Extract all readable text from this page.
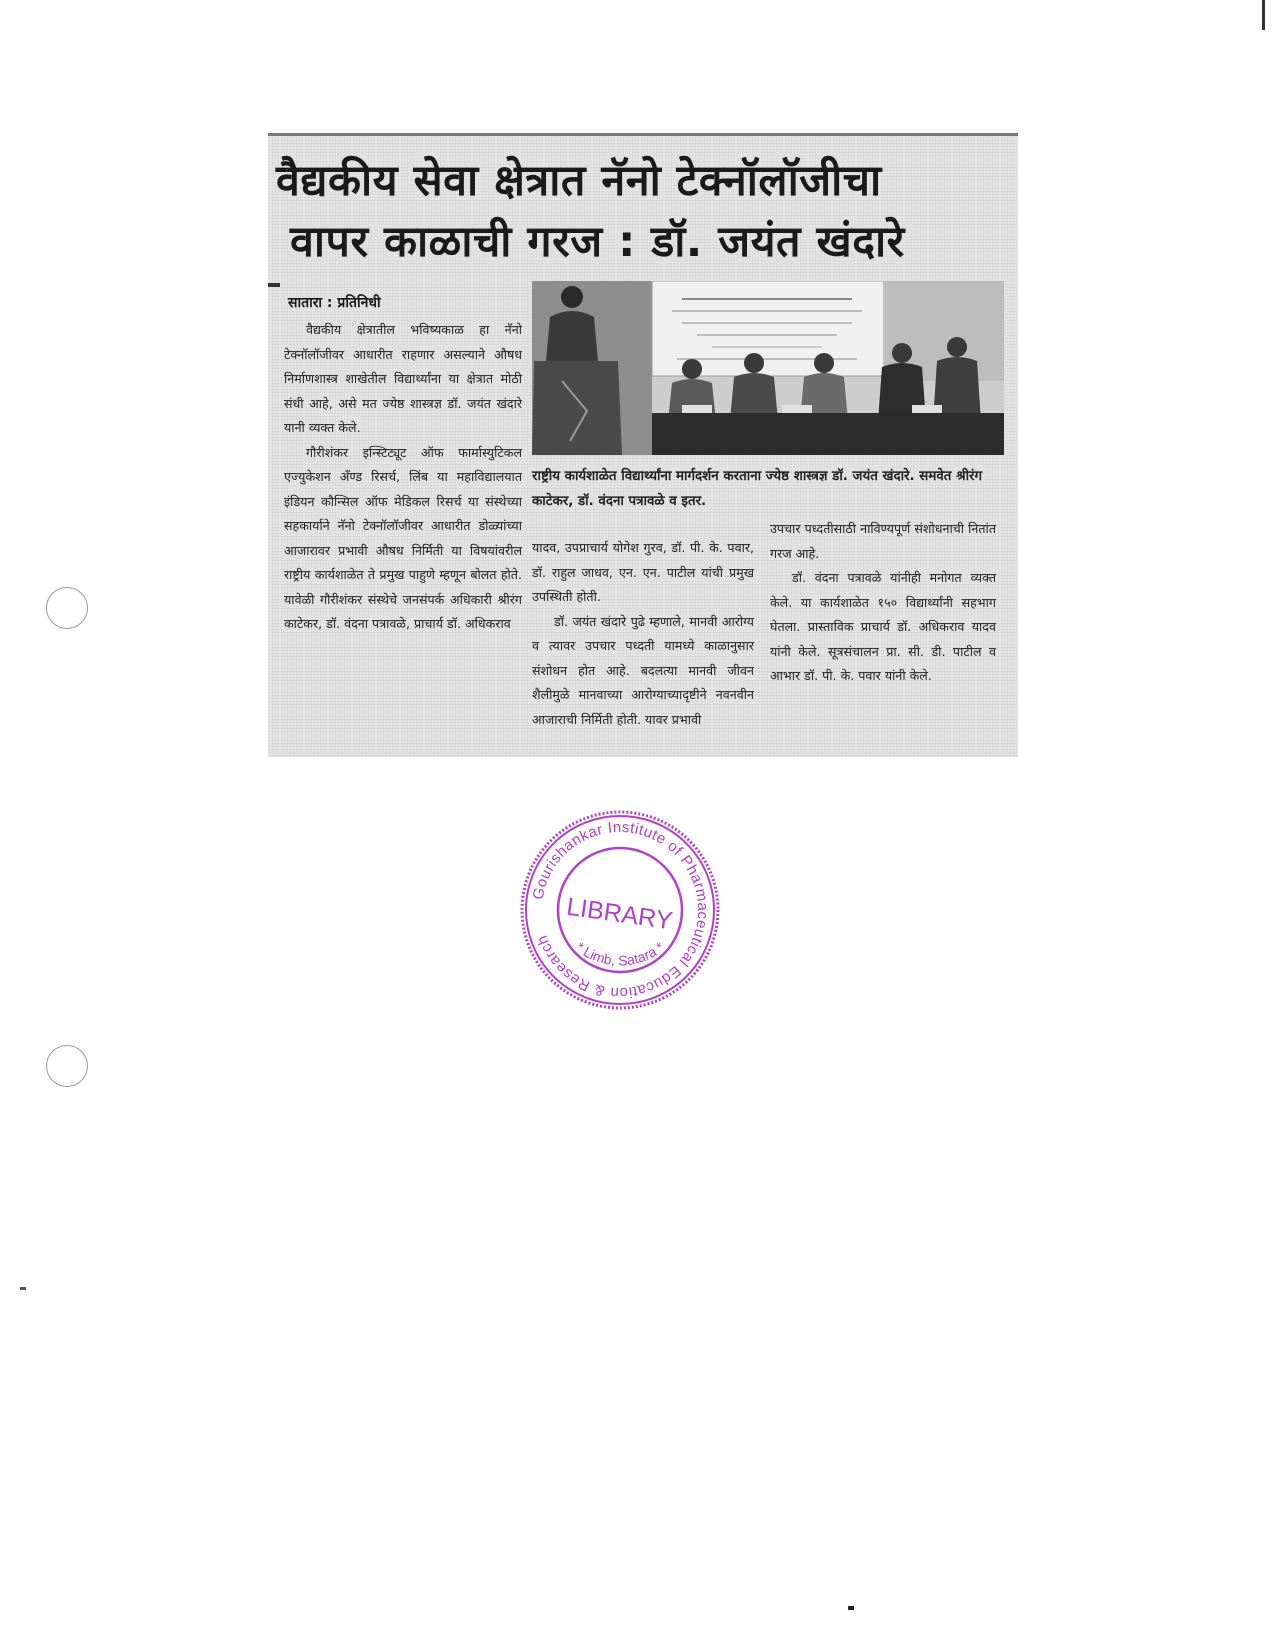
वैद्यकीय सेवा क्षेत्रात नॅनो टेक्नॉलॉजीचा
वापर काळाची गरज : डॉ. जयंत खंदारे
सातारा : प्रतिनिधी
वैद्यकीय क्षेत्रातील भविष्यकाळ हा नॅनो टेक्नॉलॉजीवर आधारीत राहणार असल्याने औषध निर्माणशास्त्र शाखेतील विद्यार्थ्यांना या क्षेत्रात मोठी संधी आहे, असे मत ज्येष्ठ शास्त्रज्ञ डॉ. जयंत खंदारे यानी व्यक्त केले.
गौरीशंकर इन्स्टिट्यूट ऑफ फार्मास्युटिकल एज्युकेशन अँण्ड रिसर्च, लिंब या महाविद्यालयात इंडियन कौन्सिल ऑफ मेडिकल रिसर्च या संस्थेच्या सहकार्याने नॅनो टेक्नॉलॉजीवर आधारीत डोळ्यांच्या आजारावर प्रभावी औषध निर्मिती या विषयांवरील राष्ट्रीय कार्यशाळेत ते प्रमुख पाहुणे म्हणून बोलत होते. यावेळी गौरीशंकर संस्थेचे जनसंपर्क अधिकारी श्रीरंग काटेकर, डॉ. वंदना पत्रावळे, प्राचार्य डॉ. अधिकराव
राष्ट्रीय कार्यशाळेत विद्यार्थ्यांना मार्गदर्शन करताना ज्येष्ठ शास्त्रज्ञ डॉ. जयंत खंदारे. समवेत श्रीरंग काटेकर, डॉ. वंदना पत्रावळे व इतर.
यादव, उपप्राचार्य योगेश गुरव, डॉ. पी. के. पवार, डॉ. राहुल जाधव, एन. एन. पाटील यांची प्रमुख उपस्थिती होती.
डॉ. जयंत खंदारे पुढे म्हणाले, मानवी आरोग्य व त्यावर उपचार पध्दती यामध्ये काळानुसार संशोधन होत आहे. बदलत्या मानवी जीवन शैलीमुळे मानवाच्या आरोग्याच्यादृष्टीने नवनवीन आजाराची निर्मिती होती. यावर प्रभावी
उपचार पध्दतीसाठी नाविण्यपूर्ण संशोधनाची नितांत गरज आहे.
डॉ. वंदना पत्रावळे यांनीही मनोगत व्यक्त केले. या कार्यशाळेत १५० विद्यार्थ्यांनी सहभाग घेतला. प्रास्ताविक प्राचार्य डॉ. अधिकराव यादव यांनी केले. सूत्रसंचालन प्रा. सी. डी. पाटील व आभार डॉ. पी. के. पवार यांनी केले.
Gourishankar Institute of Pharmaceutical Education & Research	* Limb, Satara *
LIBRARY
